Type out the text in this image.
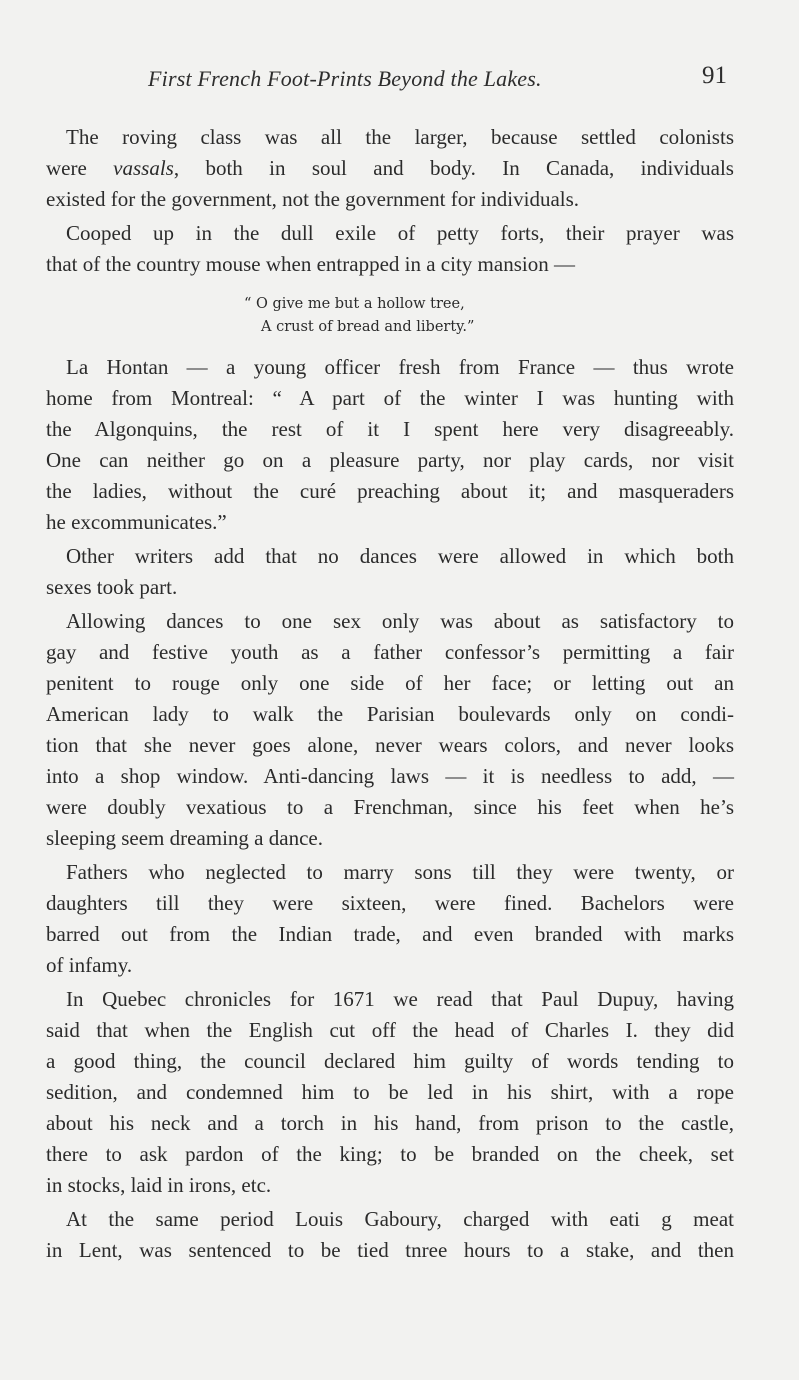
First French Foot-Prints Beyond the Lakes.	91
The roving class was all the larger, because settled colonists
were vassals, both in soul and body. In Canada, individuals
existed for the government, not the government for individuals.
Cooped up in the dull exile of petty forts, their prayer was
that of the country mouse when entrapped in a city mansion —
“ O give me but a hollow tree,
A crust of bread and liberty.”
La Hontan — a young officer fresh from France — thus wrote
home from Montreal: “ A part of the winter I was hunting with
the Algonquins, the rest of it I spent here very disagreeably.
One can neither go on a pleasure party, nor play cards, nor visit
the ladies, without the curé preaching about it; and masqueraders
he excommunicates.”
Other writers add that no dances were allowed in which both
sexes took part.
Allowing dances to one sex only was about as satisfactory to
gay and festive youth as a father confessor’s permitting a fair
penitent to rouge only one side of her face; or letting out an
American lady to walk the Parisian boulevards only on condi-
tion that she never goes alone, never wears colors, and never looks
into a shop window. Anti-dancing laws — it is needless to add, —
were doubly vexatious to a Frenchman, since his feet when he’s
sleeping seem dreaming a dance.
Fathers who neglected to marry sons till they were twenty, or
daughters till they were sixteen, were fined. Bachelors were
barred out from the Indian trade, and even branded with marks
of infamy.
In Quebec chronicles for 1671 we read that Paul Dupuy, having
said that when the English cut off the head of Charles I. they did
a good thing, the council declared him guilty of words tending to
sedition, and condemned him to be led in his shirt, with a rope
about his neck and a torch in his hand, from prison to the castle,
there to ask pardon of the king; to be branded on the cheek, set
in stocks, laid in irons, etc.
At the same period Louis Gaboury, charged with eati g meat
in Lent, was sentenced to be tied tnree hours to a stake, and then
